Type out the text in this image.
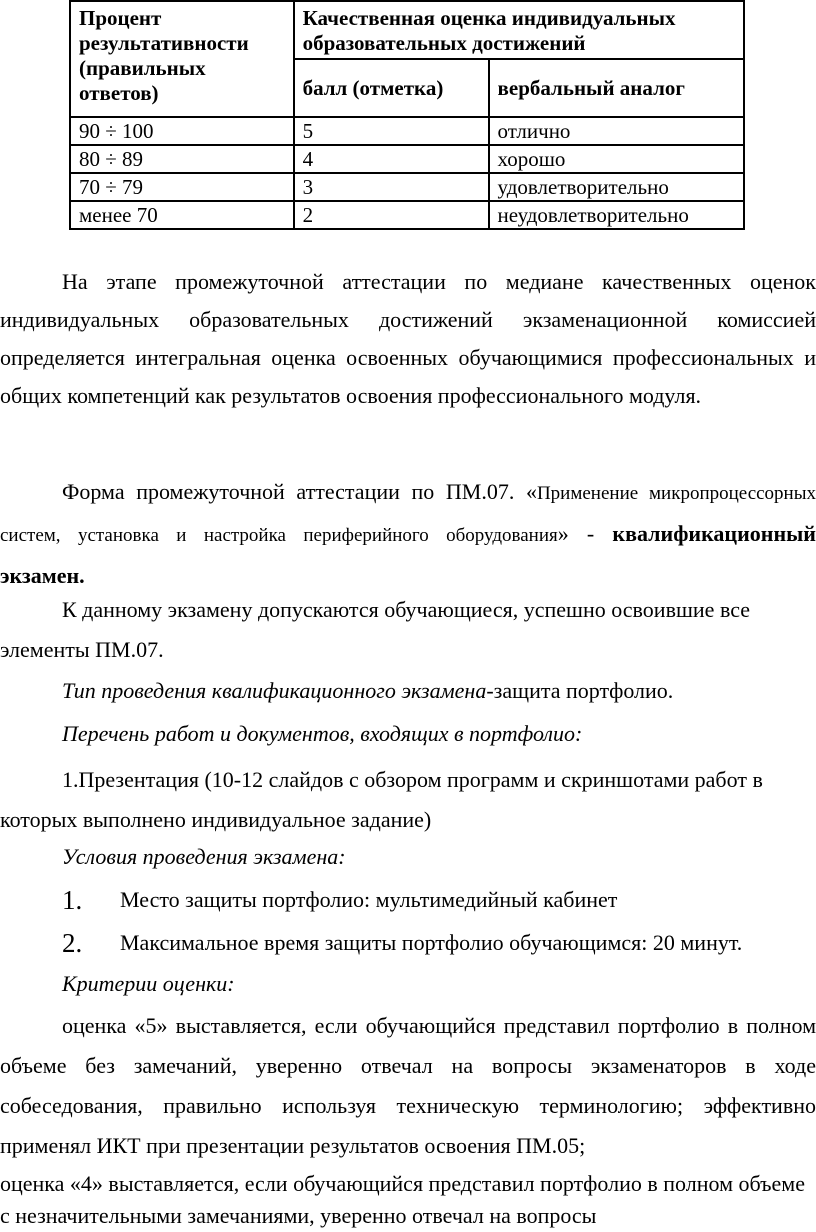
Процент результативности (правильных ответов)	Качественная оценка индивидуальных образовательных достижений	
	балл (отметка)	вербальный аналог
90 ÷ 100	5	отлично
80 ÷ 89	4	хорошо
70 ÷ 79	3	удовлетворительно
менее 70	2	неудовлетворительно
На этапе промежуточной аттестации по медиане качественных оценок индивидуальных образовательных достижений экзаменационной комиссией определяется интегральная оценка освоенных обучающимися профессиональных и общих компетенций как результатов освоения профессионального модуля.
Форма промежуточной аттестации по ПМ.07. «Применение микропроцессорных систем, установка и настройка периферийного оборудования» - квалификационный экзамен.
К данному экзамену допускаются обучающиеся, успешно освоившие все элементы ПМ.07.
Тип проведения квалификационного экзамена-защита портфолио.
Перечень работ и документов, входящих в портфолио:
1.Презентация (10-12 слайдов с обзором программ и скриншотами работ в которых выполнено индивидуальное задание)
Условия проведения экзамена:
1. Место защиты портфолио: мультимедийный кабинет
2. Максимальное время защиты портфолио обучающимся: 20 минут.
Критерии оценки:
оценка «5» выставляется, если обучающийся представил портфолио в полном объеме без замечаний, уверенно отвечал на вопросы экзаменаторов в ходе собеседования, правильно используя техническую терминологию; эффективно применял ИКТ при презентации результатов освоения ПМ.05;
оценка «4» выставляется, если обучающийся представил портфолио в полном объеме с незначительными замечаниями, уверенно отвечал на вопросы
